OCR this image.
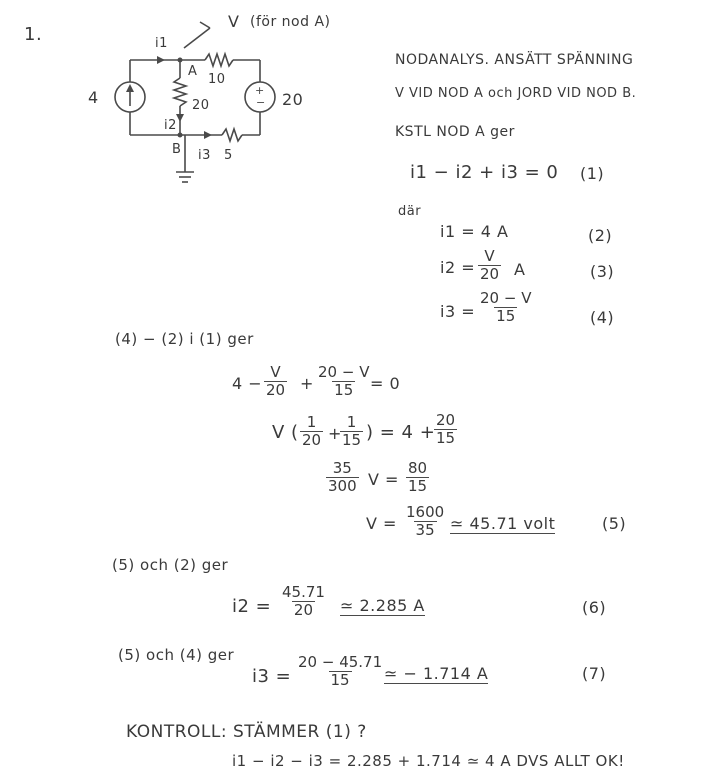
1.
+
−
V (för nod A)
i1
A
10
4	20	20
i2
B i3 5
NODANALYS. ANSÄTT SPÄNNING
V VID NOD A och JORD VID NOD B.
KSTL NOD A ger
i1 − i2 + i3 = 0 (1)
där
i1 = 4 A	(2)
$i2 = \frac{V}{20}$ A	(3)
$i3 = \frac{20 - V}{15}$	(4)
(4) − (2) i (1) ger
$4 - \frac{V}{20} + \frac{20 - V}{15}$
= 0
V ( $\frac{1}{20}$ +
$\frac{1}{15}$ ) = 4 +
$\frac{20}{15}$
$\frac{35}{300}$ $V = \frac{80}{15}$
$V = \frac{1600}{35}$ ≃ 45.71 volt	(5)
(5) och (2) ger
$i2 = \frac{45.71}{20}$ ≃ 2.285 A	(6)
(5) och (4) ger
$i3 = \frac{20 - 45.71}{15}$ ≃ − 1.714 A	(7)
KONTROLL: STÄMMER (1) ?
i1 − i2 − i3 = 2.285 + 1.714 ≃ 4 A DVS ALLT OK!
